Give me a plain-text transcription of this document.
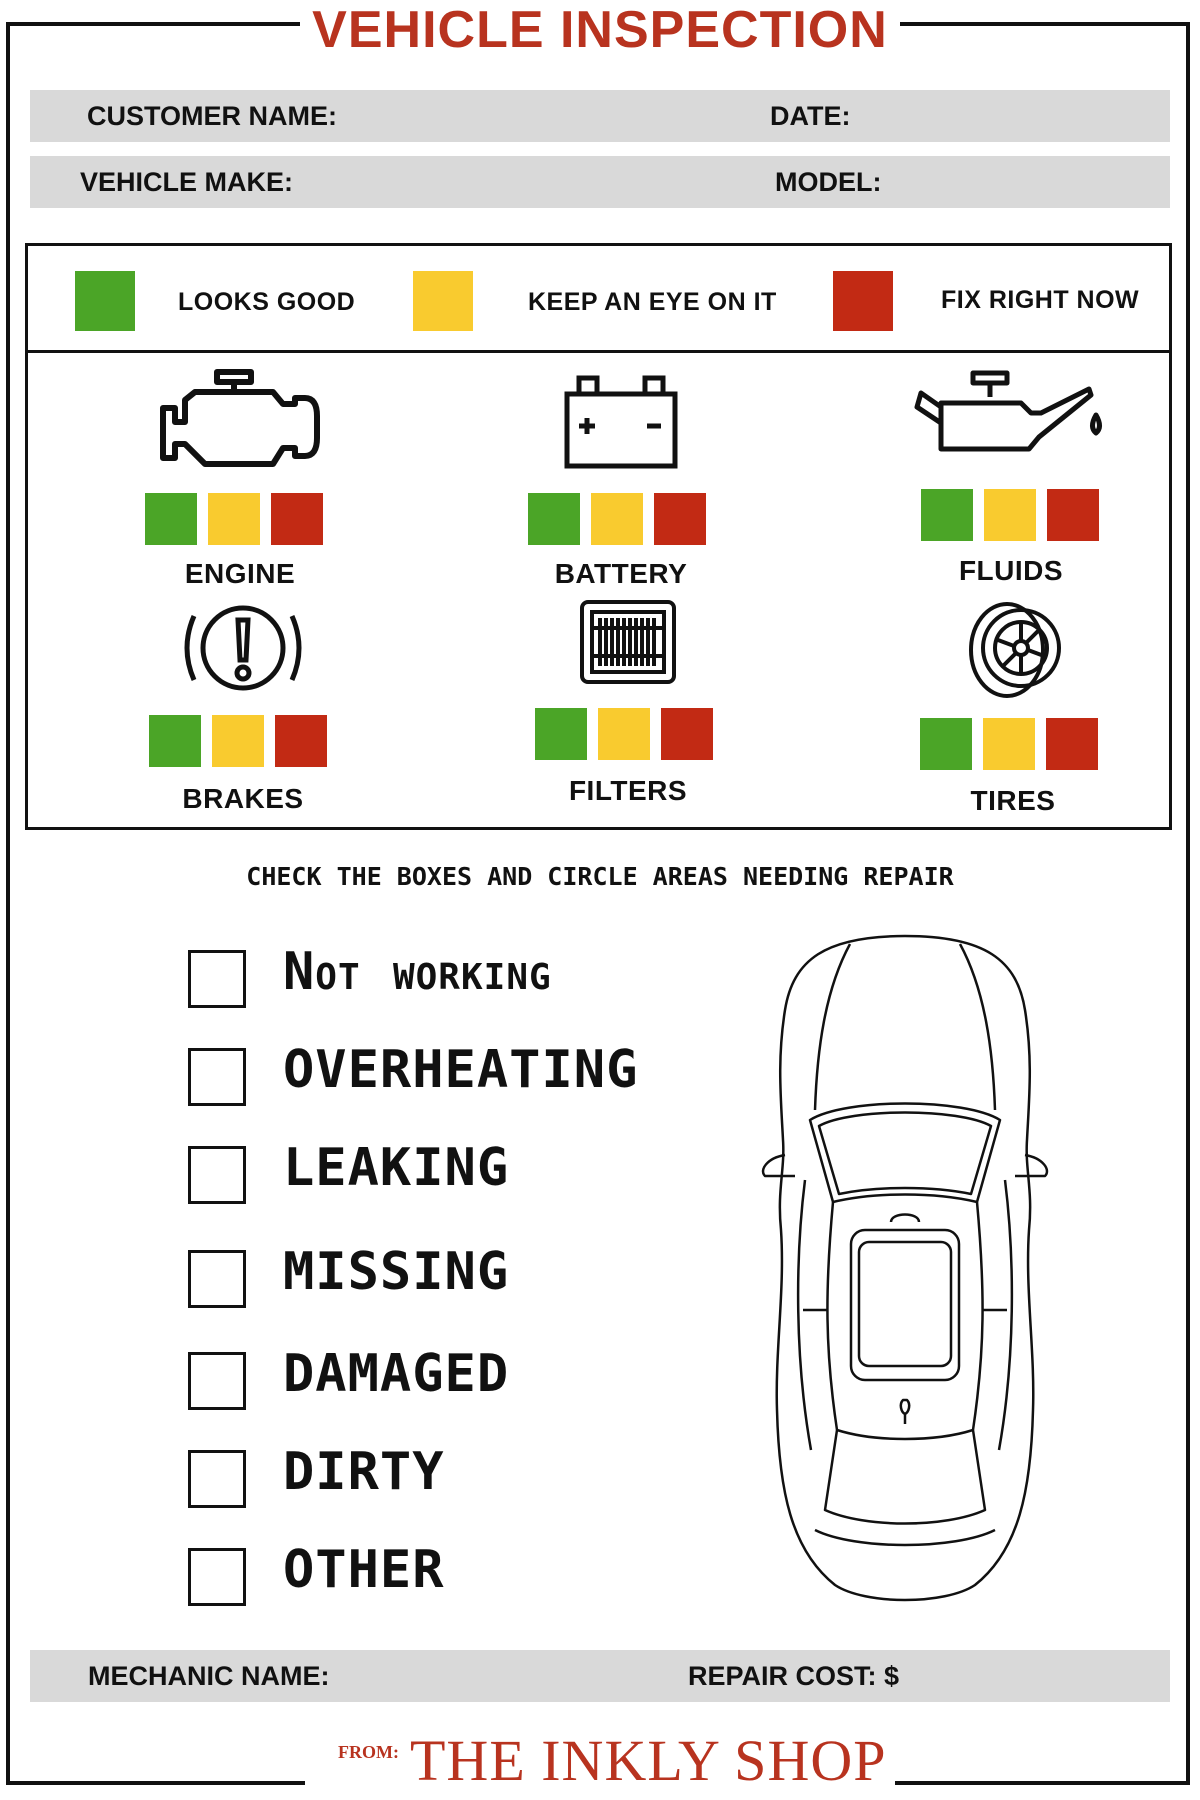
VEHICLE INSPECTION
CUSTOMER NAME:	DATE:
VEHICLE MAKE:	MODEL:
LOOKS GOOD	KEEP AN EYE ON IT	FIX RIGHT NOW
ENGINE	BATTERY	FLUIDS
BRAKES	FILTERS	TIRES
CHECK THE BOXES AND CIRCLE AREAS NEEDING REPAIR
Not working
OVERHEATING
LEAKING
MISSING
DAMAGED
DIRTY
OTHER
MECHANIC NAME:	REPAIR COST: $
FROM: THE INKLY SHOP
